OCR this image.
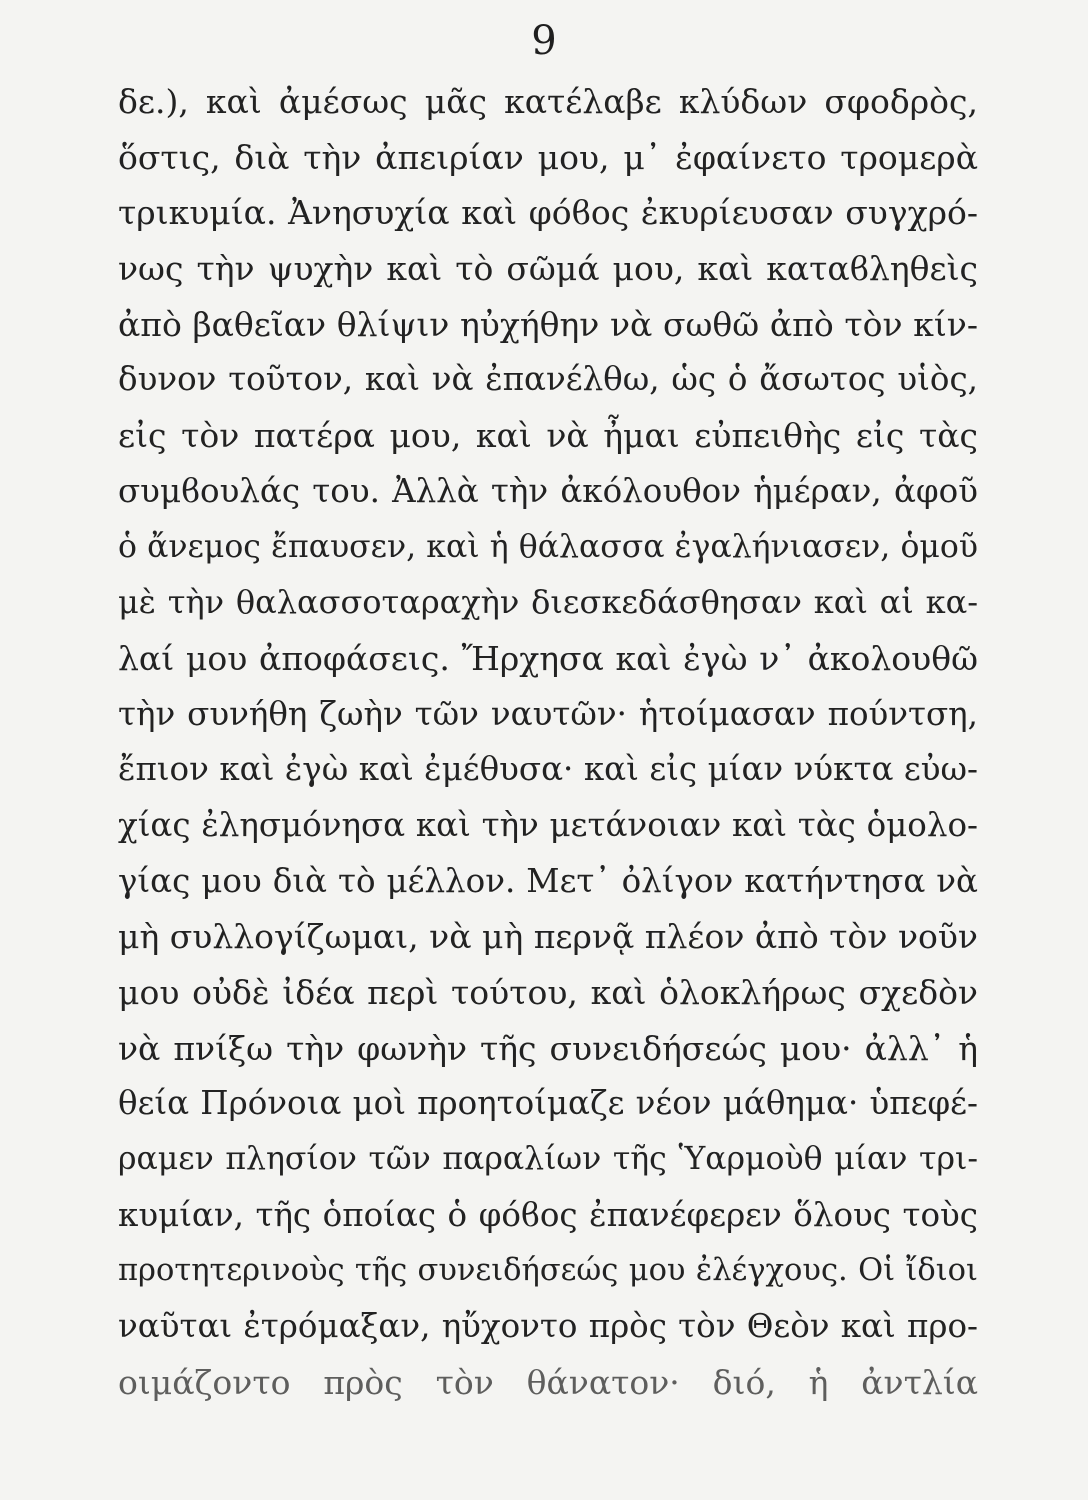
9
δε.), καὶ ἀμέσως μᾶς κατέλαβε κλύδων σφοδρὸς,
ὅστις, διὰ τὴν ἀπειρίαν μου, μ᾽ ἐφαίνετο τρομερὰ
τρικυμία. Ἀνησυχία καὶ φόϐος ἐκυρίευσαν συγχρό-
νως τὴν ψυχὴν καὶ τὸ σῶμά μου, καὶ καταϐληθεὶς
ἀπὸ βαθεῖαν θλίψιν ηὐχήθην νὰ σωθῶ ἀπὸ τὸν κίν-
δυνον τοῦτον, καὶ νὰ ἐπανέλθω, ὡς ὁ ἄσωτος υἱὸς,
εἰς τὸν πατέρα μου, καὶ νὰ ἦμαι εὐπειθὴς εἰς τὰς
συμϐουλάς του. Ἀλλὰ τὴν ἀκόλουθον ἡμέραν, ἀφοῦ
ὁ ἄνεμος ἔπαυσεν, καὶ ἡ θάλασσα ἐγαλήνιασεν, ὁμοῦ
μὲ τὴν θαλασσοταραχὴν διεσκεδάσθησαν καὶ αἱ κα-
λαί μου ἀποφάσεις. Ἤρχησα καὶ ἐγὼ ν᾽ ἀκολουθῶ
τὴν συνήθη ζωὴν τῶν ναυτῶν· ἡτοίμασαν πούντση,
ἔπιον καὶ ἐγὼ καὶ ἐμέθυσα· καὶ εἰς μίαν νύκτα εὐω-
χίας ἐλησμόνησα καὶ τὴν μετάνοιαν καὶ τὰς ὁμολο-
γίας μου διὰ τὸ μέλλον. Μετ᾽ ὀλίγον κατήντησα νὰ
μὴ συλλογίζωμαι, νὰ μὴ περνᾷ πλέον ἀπὸ τὸν νοῦν
μου οὐδὲ ἰδέα περὶ τούτου, καὶ ὁλοκλήρως σχεδὸν
νὰ πνίξω τὴν φωνὴν τῆς συνειδήσεώς μου· ἀλλ᾽ ἡ
θεία Πρόνοια μοὶ προητοίμαζε νέον μάθημα· ὑπεφέ-
ραμεν πλησίον τῶν παραλίων τῆς Ὑαρμοὺθ μίαν τρι-
κυμίαν, τῆς ὁποίας ὁ φόϐος ἐπανέφερεν ὅλους τοὺς
προτητερινοὺς τῆς συνειδήσεώς μου ἐλέγχους. Οἱ ἴδιοι
ναῦται ἐτρόμαξαν, ηὔχοντο πρὸς τὸν Θεὸν καὶ προ-
οιμάζοντο πρὸς τὸν θάνατον· διό, ἡ ἀντλία
